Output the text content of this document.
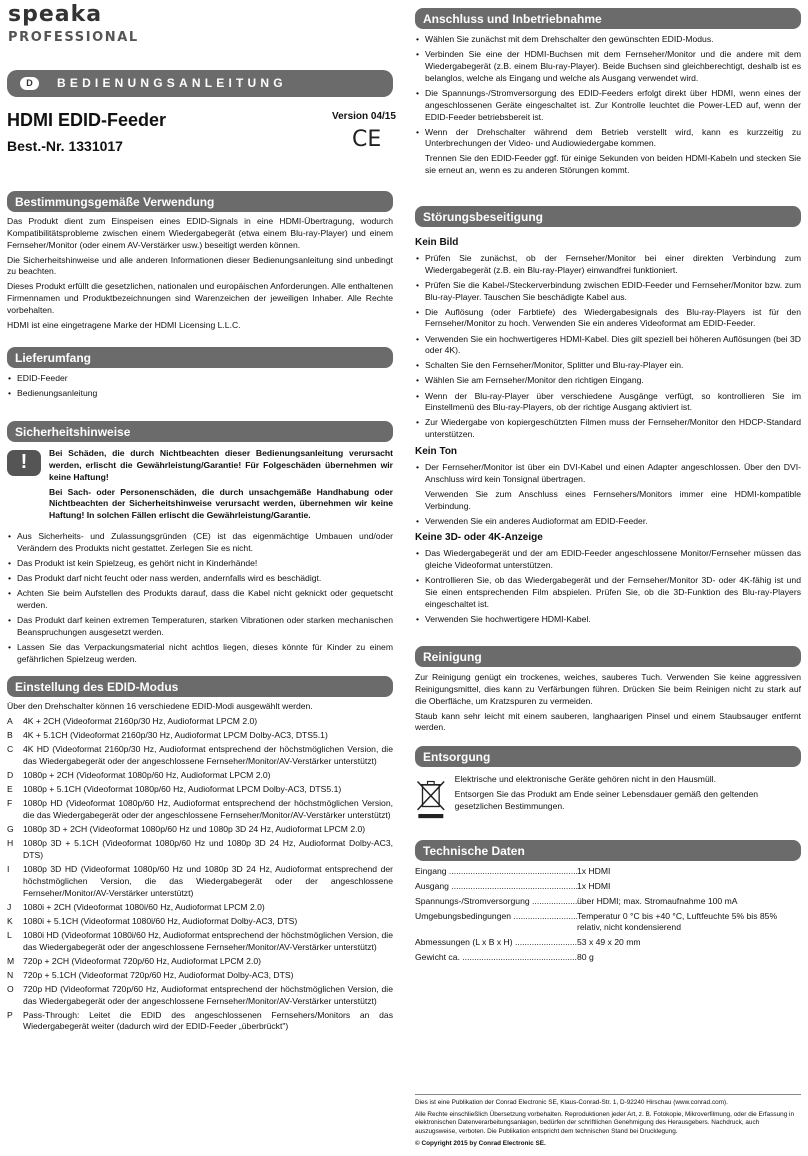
speaka
PROFESSIONAL
D	BEDIENUNGSANLEITUNG
HDMI EDID-Feeder	Version 04/15
CE
Best.-Nr. 1331017
Bestimmungsgemäße Verwendung

Das Produkt dient zum Einspeisen eines EDID-Signals in eine HDMI-Übertragung, wodurch Kompatibilitätsprobleme zwischen einem Wiedergabegerät (etwa einem Blu-ray-Player) und einem Fernseher/Monitor (oder einem AV-Verstärker usw.) beseitigt werden können.

Die Sicherheitshinweise und alle anderen Informationen dieser Bedienungsanleitung sind unbedingt zu beachten.

Dieses Produkt erfüllt die gesetzlichen, nationalen und europäischen Anforderungen. Alle enthaltenen Firmennamen und Produktbezeichnungen sind Warenzeichen der jeweiligen Inhaber. Alle Rechte vorbehalten.

HDMI ist eine eingetragene Marke der HDMI Licensing L.L.C.

Lieferumfang
• EDID-Feeder
• Bedienungsanleitung
Sicherheitshinweise
!	Bei Schäden, die durch Nichtbeachten dieser Bedienungsanleitung verursacht werden, erlischt die Gewährleistung/Garantie! Für Folgeschäden übernehmen wir keine Haftung!

Bei Sach- oder Personenschäden, die durch unsachgemäße Handhabung oder Nichtbeachten der Sicherheitshinweise verursacht werden, übernehmen wir keine Haftung! In solchen Fällen erlischt die Gewährleistung/Garantie.

• Aus Sicherheits- und Zulassungsgründen (CE) ist das eigenmächtige Umbauen und/oder Verändern des Produkts nicht gestattet. Zerlegen Sie es nicht.
• Das Produkt ist kein Spielzeug, es gehört nicht in Kinderhände!
• Das Produkt darf nicht feucht oder nass werden, andernfalls wird es beschädigt.
• Achten Sie beim Aufstellen des Produkts darauf, dass die Kabel nicht geknickt oder gequetscht werden.
• Das Produkt darf keinen extremen Temperaturen, starken Vibrationen oder starken mechanischen Beanspruchungen ausgesetzt werden.
• Lassen Sie das Verpackungsmaterial nicht achtlos liegen, dieses könnte für Kinder zu einem gefährlichen Spielzeug werden.
Einstellung des EDID-Modus

Über den Drehschalter können 16 verschiedene EDID-Modi ausgewählt werden.

A	4K + 2CH (Videoformat 2160p/30 Hz, Audioformat LPCM 2.0)
B	4K + 5.1CH (Videoformat 2160p/30 Hz, Audioformat LPCM Dolby-AC3, DTS5.1)
C	4K HD (Videoformat 2160p/30 Hz, Audioformat entsprechend der höchstmöglichen Version, die das Wiedergabegerät oder der angeschlossene Fernseher/Monitor/AV-Verstärker unterstützt)
D	1080p + 2CH (Videoformat 1080p/60 Hz, Audioformat LPCM 2.0)
E	1080p + 5.1CH (Videoformat 1080p/60 Hz, Audioformat LPCM Dolby-AC3, DTS5.1)
F	1080p HD (Videoformat 1080p/60 Hz, Audioformat entsprechend der höchstmöglichen Version, die das Wiedergabegerät oder der angeschlossene Fernseher/Monitor/AV-Verstärker unterstützt)
G	1080p 3D + 2CH (Videoformat 1080p/60 Hz und 1080p 3D 24 Hz, Audioformat LPCM 2.0)
H	1080p 3D + 5.1CH (Videoformat 1080p/60 Hz und 1080p 3D 24 Hz, Audioformat Dolby-AC3, DTS)
I	1080p 3D HD (Videoformat 1080p/60 Hz und 1080p 3D 24 Hz, Audioformat entsprechend der höchstmöglichen Version, die das Wiedergabegerät oder der angeschlossene Fernseher/Monitor/AV-Verstärker unterstützt)
J	1080i + 2CH (Videoformat 1080i/60 Hz, Audioformat LPCM 2.0)
K	1080i + 5.1CH (Videoformat 1080i/60 Hz, Audioformat Dolby-AC3, DTS)
L	1080i HD (Videoformat 1080i/60 Hz, Audioformat entsprechend der höchstmöglichen Version, die das Wiedergabegerät oder der angeschlossene Fernseher/Monitor/AV-Verstärker unterstützt)
M	720p + 2CH (Videoformat 720p/60 Hz, Audioformat LPCM 2.0)
N	720p + 5.1CH (Videoformat 720p/60 Hz, Audioformat Dolby-AC3, DTS)
O	720p HD (Videoformat 720p/60 Hz, Audioformat entsprechend der höchstmöglichen Version, die das Wiedergabegerät oder der angeschlossene Fernseher/Monitor/AV-Verstärker unterstützt)
P	Pass-Through: Leitet die EDID des angeschlossenen Fernsehers/Monitors an das Wiedergabegerät weiter (dadurch wird der EDID-Feeder „überbrückt")
Anschluss und Inbetriebnahme
• Wählen Sie zunächst mit dem Drehschalter den gewünschten EDID-Modus.
• Verbinden Sie eine der HDMI-Buchsen mit dem Fernseher/Monitor und die andere mit dem Wiedergabegerät (z.B. einem Blu-ray-Player). Beide Buchsen sind gleichberechtigt, deshalb ist es belanglos, welche als Eingang und welche als Ausgang verwendet wird.
• Die Spannungs-/Stromversorgung des EDID-Feeders erfolgt direkt über HDMI, wenn eines der angeschlossenen Geräte eingeschaltet ist. Zur Kontrolle leuchtet die Power-LED auf, wenn der EDID-Feeder betriebsbereit ist.
• Wenn der Drehschalter während dem Betrieb verstellt wird, kann es kurzzeitig zu Unterbrechungen der Video- und Audiowiedergabe kommen.

Trennen Sie den EDID-Feeder ggf. für einige Sekunden von beiden HDMI-Kabeln und stecken Sie sie erneut an, wenn es zu anderen Störungen kommt.

Störungsbeseitigung
Kein Bild
• Prüfen Sie zunächst, ob der Fernseher/Monitor bei einer direkten Verbindung zum Wiedergabegerät (z.B. ein Blu-ray-Player) einwandfrei funktioniert.
• Prüfen Sie die Kabel-/Steckerverbindung zwischen EDID-Feeder und Fernseher/Monitor bzw. zum Blu-ray-Player. Tauschen Sie beschädigte Kabel aus.
• Die Auflösung (oder Farbtiefe) des Wiedergabesignals des Blu-ray-Players ist für den Fernseher/Monitor zu hoch. Verwenden Sie ein anderes Videoformat am EDID-Feeder.
• Verwenden Sie ein hochwertigeres HDMI-Kabel. Dies gilt speziell bei höheren Auflösungen (bei 3D oder 4K).
• Schalten Sie den Fernseher/Monitor, Splitter und Blu-ray-Player ein.
• Wählen Sie am Fernseher/Monitor den richtigen Eingang.
• Wenn der Blu-ray-Player über verschiedene Ausgänge verfügt, so kontrollieren Sie im Einstellmenü des Blu-ray-Players, ob der richtige Ausgang aktiviert ist.
• Zur Wiedergabe von kopiergeschützten Filmen muss der Fernseher/Monitor den HDCP-Standard unterstützen.
Kein Ton
• Der Fernseher/Monitor ist über ein DVI-Kabel und einen Adapter angeschlossen. Über den DVI-Anschluss wird kein Tonsignal übertragen.

Verwenden Sie zum Anschluss eines Fernsehers/Monitors immer eine HDMI-kompatible Verbindung.

• Verwenden Sie ein anderes Audioformat am EDID-Feeder.
Keine 3D- oder 4K-Anzeige
• Das Wiedergabegerät und der am EDID-Feeder angeschlossene Monitor/Fernseher müssen das gleiche Videoformat unterstützen.
• Kontrollieren Sie, ob das Wiedergabegerät und der Fernseher/Monitor 3D- oder 4K-fähig ist und Sie einen entsprechenden Film abspielen. Prüfen Sie, ob die 3D-Funktion des Blu-ray-Players eingeschaltet ist.
• Verwenden Sie hochwertigere HDMI-Kabel.
Reinigung

Zur Reinigung genügt ein trockenes, weiches, sauberes Tuch. Verwenden Sie keine aggressiven Reinigungsmittel, dies kann zu Verfärbungen führen. Drücken Sie beim Reinigen nicht zu stark auf die Oberfläche, um Kratzspuren zu vermeiden.

Staub kann sehr leicht mit einem sauberen, langhaarigen Pinsel und einem Staubsauger entfernt werden.

Entsorgung

Elektrische und elektronische Geräte gehören nicht in den Hausmüll.

Entsorgen Sie das Produkt am Ende seiner Lebensdauer gemäß den geltenden gesetzlichen Bestimmungen.

Technische Daten
Eingang .....	1x HDMI
Ausgang .....	1x HDMI
Spannungs-/Stromversorgung .....	über HDMI; max. Stromaufnahme 100 mA
Umgebungsbedingungen .....	Temperatur 0 °C bis +40 °C, Luftfeuchte 5% bis 85% relativ, nicht kondensierend
Abmessungen (L x B x H) .....	53 x 49 x 20 mm
Gewicht ca. .....	80 g

Dies ist eine Publikation der Conrad Electronic SE, Klaus-Conrad-Str. 1, D-92240 Hirschau (www.conrad.com).

Alle Rechte einschließlich Übersetzung vorbehalten. Reproduktionen jeder Art, z. B. Fotokopie, Mikroverfilmung, oder die Erfassung in elektronischen Datenverarbeitungsanlagen, bedürfen der schriftlichen Genehmigung des Herausgebers. Nachdruck, auch auszugsweise, verboten. Die Publikation entspricht dem technischen Stand bei Drucklegung.

© Copyright 2015 by Conrad Electronic SE.
